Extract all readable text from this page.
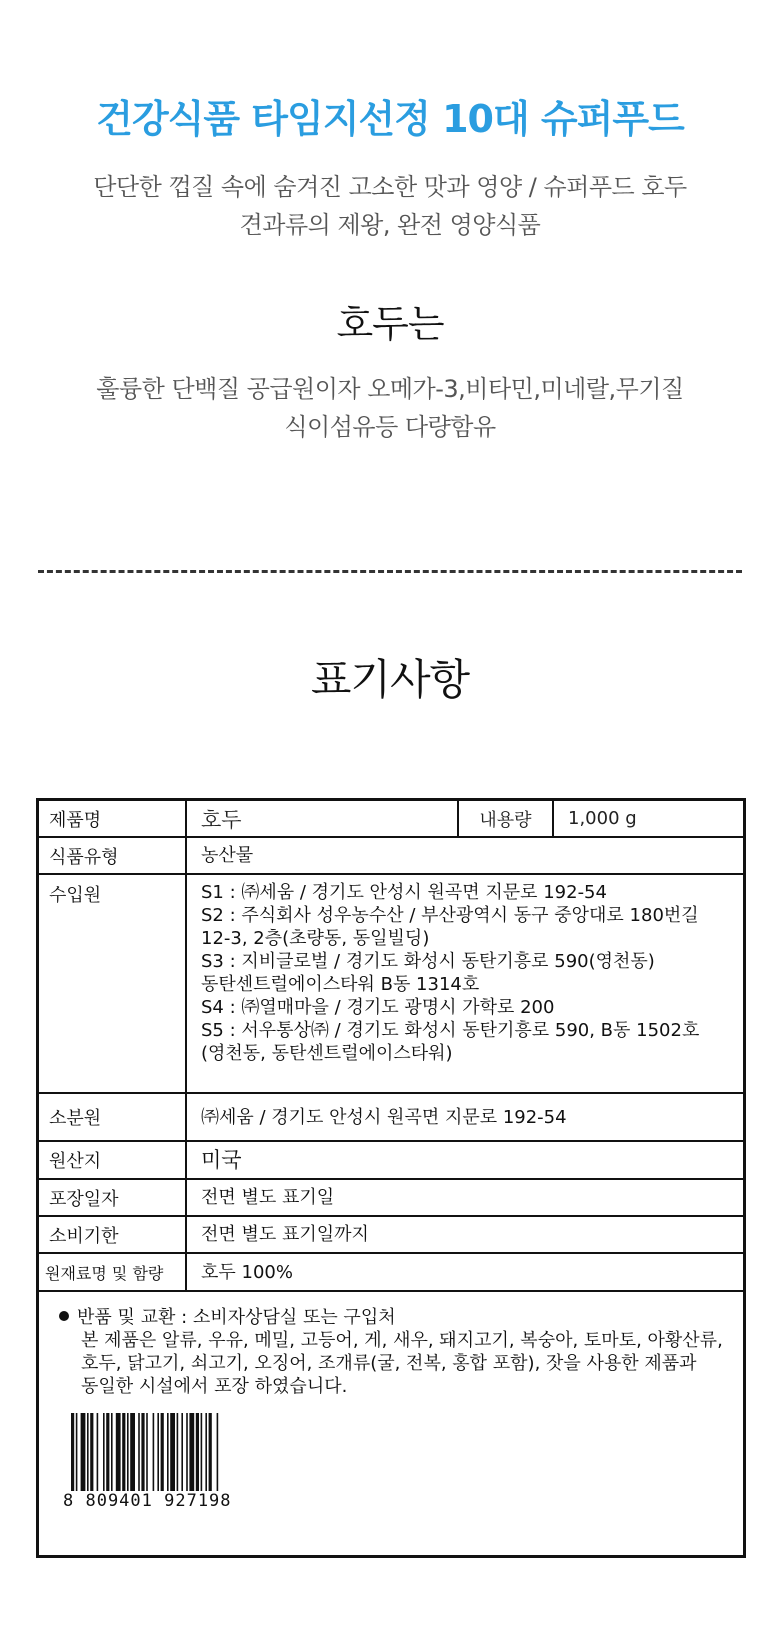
건강식품 타임지선정 10대 슈퍼푸드
단단한 껍질 속에 숨겨진 고소한 맛과 영양 / 슈퍼푸드 호두
견과류의 제왕, 완전 영양식품
호두는
훌륭한 단백질 공급원이자 오메가-3,비타민,미네랄,무기질
식이섬유등 다량함유
표기사항
제품명	호두	내용량	1,000 g
식품유형	농산물
수입원	S1 : ㈜세움 / 경기도 안성시 원곡면 지문로 192-54
S2 : 주식회사 성우농수산 / 부산광역시 동구 중앙대로 180번길
12-3, 2층(초량동, 동일빌딩)
S3 : 지비글로벌 / 경기도 화성시 동탄기흥로 590(영천동)
동탄센트럴에이스타워 B동 1314호
S4 : ㈜열매마을 / 경기도 광명시 가학로 200
S5 : 서우통상㈜ / 경기도 화성시 동탄기흥로 590, B동 1502호
(영천동, 동탄센트럴에이스타워)
소분원	㈜세움 / 경기도 안성시 원곡면 지문로 192-54
원산지	미국
포장일자	전면 별도 표기일
소비기한	전면 별도 표기일까지
원재료명 및 함량	호두 100%
반품 및 교환 : 소비자상담실 또는 구입처
본 제품은 알류, 우유, 메밀, 고등어, 게, 새우, 돼지고기, 복숭아, 토마토, 아황산류,
호두, 닭고기, 쇠고기, 오징어, 조개류(굴, 전복, 홍합 포함), 잣을 사용한 제품과
동일한 시설에서 포장 하였습니다.
8 809401 927198
